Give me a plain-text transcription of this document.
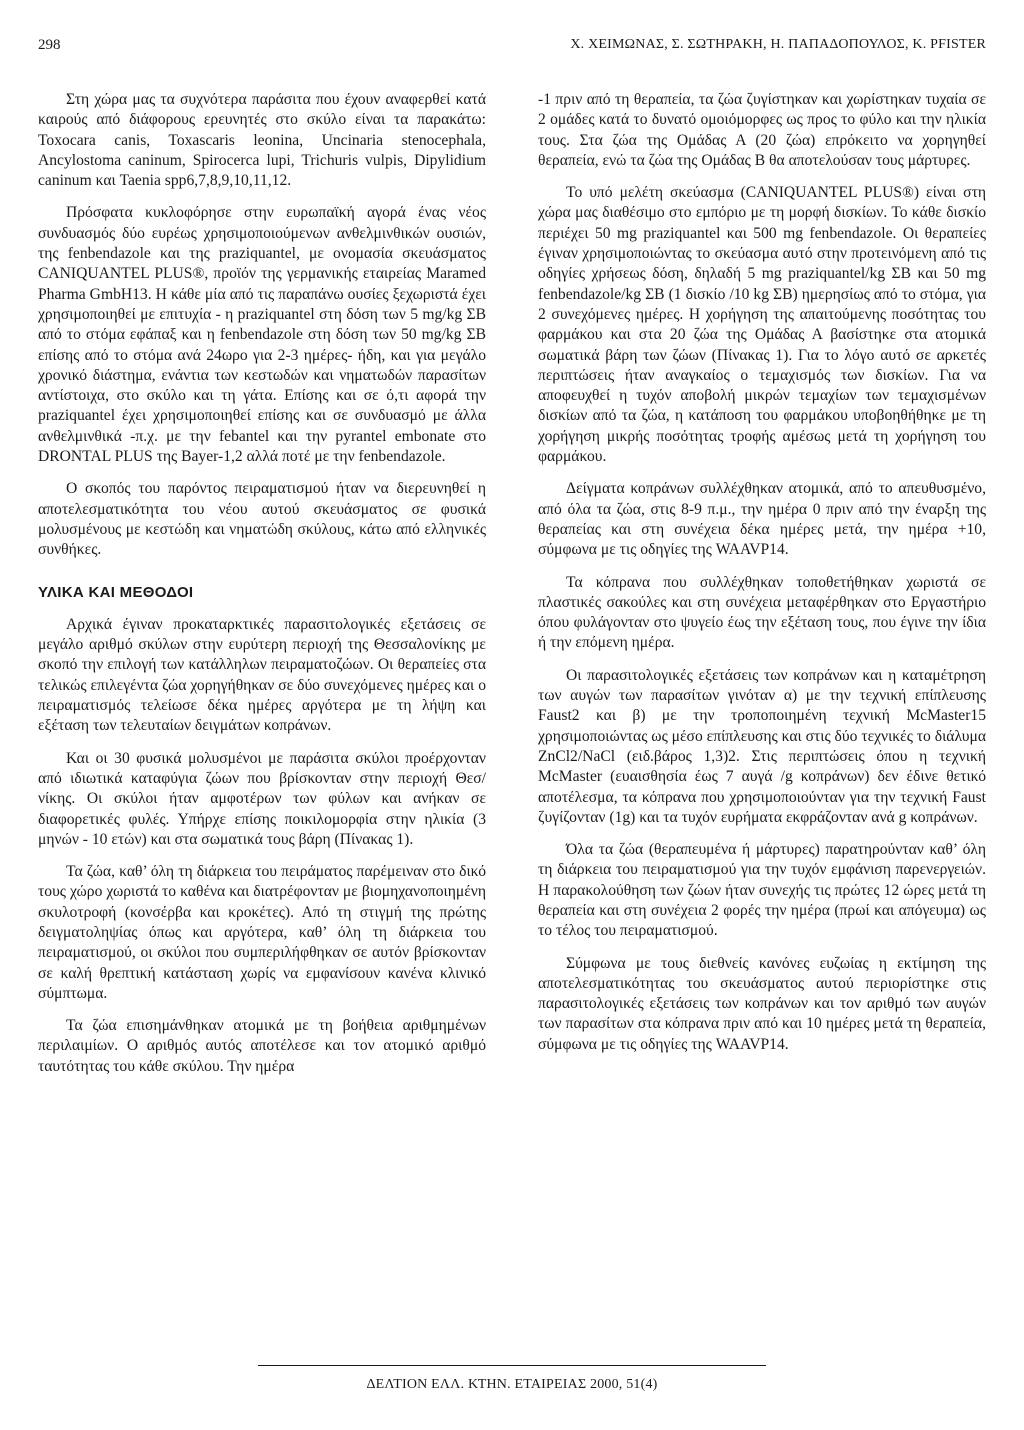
298	Χ. ΧΕΙΜΩΝΑΣ, Σ. ΣΩΤΗΡΑΚΗ, Η. ΠΑΠΑΔΟΠΟΥΛΟΣ, Κ. PFISTER

Στη χώρα μας τα συχνότερα παράσιτα που έχουν αναφερθεί κατά καιρούς από διάφορους ερευνητές στο σκύλο είναι τα παρακάτω: Toxocara canis, Toxascaris leonina, Uncinaria stenocephala, Ancylostoma caninum, Spirocerca lupi, Trichuris vulpis, Dipylidium caninum και Taenia spp6,7,8,9,10,11,12.

Πρόσφατα κυκλοφόρησε στην ευρωπαϊκή αγορά ένας νέος συνδυασμός δύο ευρέως χρησιμοποιούμενων ανθελμινθικών ουσιών, της fenbendazole και της praziquantel, με ονομασία σκευάσματος CANIQUANTEL PLUS®, προϊόν της γερμανικής εταιρείας Maramed Pharma GmbH13. Η κάθε μία από τις παραπάνω ουσίες ξεχωριστά έχει χρησιμοποιηθεί με επιτυχία - η praziquantel στη δόση των 5 mg/kg ΣΒ από το στόμα εφάπαξ και η fenbendazole στη δόση των 50 mg/kg ΣΒ επίσης από το στόμα ανά 24ωρο για 2-3 ημέρες- ήδη, και για μεγάλο χρονικό διάστημα, ενάντια των κεστωδών και νηματωδών παρασίτων αντίστοιχα, στο σκύλο και τη γάτα. Επίσης και σε ό,τι αφορά την praziquantel έχει χρησιμοποιηθεί επίσης και σε συνδυασμό με άλλα ανθελμινθικά -π.χ. με την febantel και την pyrantel embonate στο DRONTAL PLUS της Bayer-1,2 αλλά ποτέ με την fenbendazole.

Ο σκοπός του παρόντος πειραματισμού ήταν να διερευνηθεί η αποτελεσματικότητα του νέου αυτού σκευάσματος σε φυσικά μολυσμένους με κεστώδη και νηματώδη σκύλους, κάτω από ελληνικές συνθήκες.

ΥΛΙΚΑ ΚΑΙ ΜΕΘΟΔΟΙ

Αρχικά έγιναν προκαταρκτικές παρασιτολογικές εξετάσεις σε μεγάλο αριθμό σκύλων στην ευρύτερη περιοχή της Θεσσαλονίκης με σκοπό την επιλογή των κατάλληλων πειραματοζώων. Οι θεραπείες στα τελικώς επιλεγέντα ζώα χορηγήθηκαν σε δύο συνεχόμενες ημέρες και ο πειραματισμός τελείωσε δέκα ημέρες αργότερα με τη λήψη και εξέταση των τελευταίων δειγμάτων κοπράνων.

Και οι 30 φυσικά μολυσμένοι με παράσιτα σκύλοι προέρχονταν από ιδιωτικά καταφύγια ζώων που βρίσκονταν στην περιοχή Θεσ/νίκης. Οι σκύλοι ήταν αμφοτέρων των φύλων και ανήκαν σε διαφορετικές φυλές. Υπήρχε επίσης ποικιλομορφία στην ηλικία (3 μηνών - 10 ετών) και στα σωματικά τους βάρη (Πίνακας 1).

Τα ζώα, καθ’ όλη τη διάρκεια του πειράματος παρέμειναν στο δικό τους χώρο χωριστά το καθένα και διατρέφονταν με βιομηχανοποιημένη σκυλοτροφή (κονσέρβα και κροκέτες). Από τη στιγμή της πρώτης δειγματοληψίας όπως και αργότερα, καθ’ όλη τη διάρκεια του πειραματισμού, οι σκύλοι που συμπεριλήφθηκαν σε αυτόν βρίσκονταν σε καλή θρεπτική κατάσταση χωρίς να εμφανίσουν κανένα κλινικό σύμπτωμα.

Τα ζώα επισημάνθηκαν ατομικά με τη βοήθεια αριθμημένων περιλαιμίων. Ο αριθμός αυτός αποτέλεσε και τον ατομικό αριθμό ταυτότητας του κάθε σκύλου. Την ημέρα

-1 πριν από τη θεραπεία, τα ζώα ζυγίστηκαν και χωρίστηκαν τυχαία σε 2 ομάδες κατά το δυνατό ομοιόμορφες ως προς το φύλο και την ηλικία τους. Στα ζώα της Ομάδας Α (20 ζώα) επρόκειτο να χορηγηθεί θεραπεία, ενώ τα ζώα της Ομάδας Β θα αποτελούσαν τους μάρτυρες.

Το υπό μελέτη σκεύασμα (CANIQUANTEL PLUS®) είναι στη χώρα μας διαθέσιμο στο εμπόριο με τη μορφή δισκίων. Το κάθε δισκίο περιέχει 50 mg praziquantel και 500 mg fenbendazole. Οι θεραπείες έγιναν χρησιμοποιώντας το σκεύασμα αυτό στην προτεινόμενη από τις οδηγίες χρήσεως δόση, δηλαδή 5 mg praziquantel/kg ΣΒ και 50 mg fenbendazole/kg ΣΒ (1 δισκίο /10 kg ΣΒ) ημερησίως από το στόμα, για 2 συνεχόμενες ημέρες. Η χορήγηση της απαιτούμενης ποσότητας του φαρμάκου και στα 20 ζώα της Ομάδας Α βασίστηκε στα ατομικά σωματικά βάρη των ζώων (Πίνακας 1). Για το λόγο αυτό σε αρκετές περιπτώσεις ήταν αναγκαίος ο τεμαχισμός των δισκίων. Για να αποφευχθεί η τυχόν αποβολή μικρών τεμαχίων των τεμαχισμένων δισκίων από τα ζώα, η κατάποση του φαρμάκου υποβοηθήθηκε με τη χορήγηση μικρής ποσότητας τροφής αμέσως μετά τη χορήγηση του φαρμάκου.

Δείγματα κοπράνων συλλέχθηκαν ατομικά, από το απευθυσμένο, από όλα τα ζώα, στις 8-9 π.μ., την ημέρα 0 πριν από την έναρξη της θεραπείας και στη συνέχεια δέκα ημέρες μετά, την ημέρα +10, σύμφωνα με τις οδηγίες της WAAVP14.

Τα κόπρανα που συλλέχθηκαν τοποθετήθηκαν χωριστά σε πλαστικές σακούλες και στη συνέχεια μεταφέρθηκαν στο Εργαστήριο όπου φυλάγονταν στο ψυγείο έως την εξέταση τους, που έγινε την ίδια ή την επόμενη ημέρα.

Οι παρασιτολογικές εξετάσεις των κοπράνων και η καταμέτρηση των αυγών των παρασίτων γινόταν α) με την τεχνική επίπλευσης Faust2 και β) με την τροποποιημένη τεχνική McMaster15 χρησιμοποιώντας ως μέσο επίπλευσης και στις δύο τεχνικές το διάλυμα ZnCl2/NaCl (ειδ.βάρος 1,3)2. Στις περιπτώσεις όπου η τεχνική McMaster (ευαισθησία έως 7 αυγά /g κοπράνων) δεν έδινε θετικό αποτέλεσμα, τα κόπρανα που χρησιμοποιούνταν για την τεχνική Faust ζυγίζονταν (1g) και τα τυχόν ευρήματα εκφράζονταν ανά g κοπράνων.

Όλα τα ζώα (θεραπευμένα ή μάρτυρες) παρατηρούνταν καθ’ όλη τη διάρκεια του πειραματισμού για την τυχόν εμφάνιση παρενεργειών. Η παρακολούθηση των ζώων ήταν συνεχής τις πρώτες 12 ώρες μετά τη θεραπεία και στη συνέχεια 2 φορές την ημέρα (πρωί και απόγευμα) ως το τέλος του πειραματισμού.

Σύμφωνα με τους διεθνείς κανόνες ευζωίας η εκτίμηση της αποτελεσματικότητας του σκευάσματος αυτού περιορίστηκε στις παρασιτολογικές εξετάσεις των κοπράνων και τον αριθμό των αυγών των παρασίτων στα κόπρανα πριν από και 10 ημέρες μετά τη θεραπεία, σύμφωνα με τις οδηγίες της WAAVP14.

ΔΕΛΤΙΟΝ ΕΛΛ. ΚΤΗΝ. ΕΤΑΙΡΕΙΑΣ 2000, 51(4)
